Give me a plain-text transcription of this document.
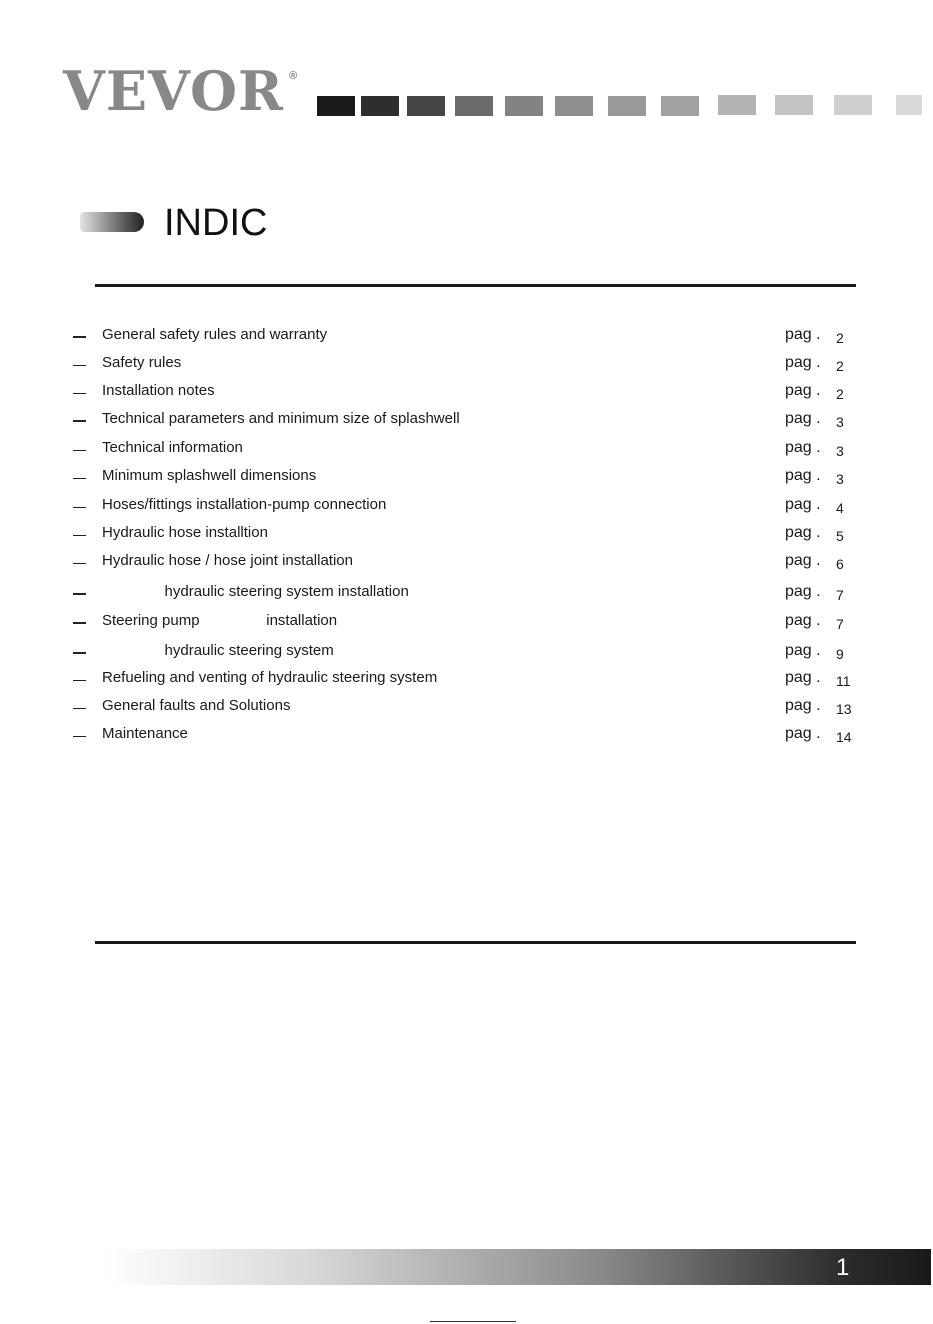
VEVOR ®
INDIC
General safety rules and warranty	pag . 2
Safety rules	pag . 2
Installation notes	pag . 2
Technical parameters and minimum size of splashwell	pag . 3
Technical information	pag . 3
Minimum splashwell dimensions	pag . 3
Hoses/fittings installation-pump connection	pag . 4
Hydraulic hose installtion	pag . 5
Hydraulic hose / hose joint installation	pag . 6
hydraulic steering system installation	pag . 7
Steering pump                installation	pag . 7
hydraulic steering system	pag . 9
Refueling and venting of hydraulic steering system	pag . 11
General faults and Solutions	pag . 13
Maintenance	pag . 14
1
